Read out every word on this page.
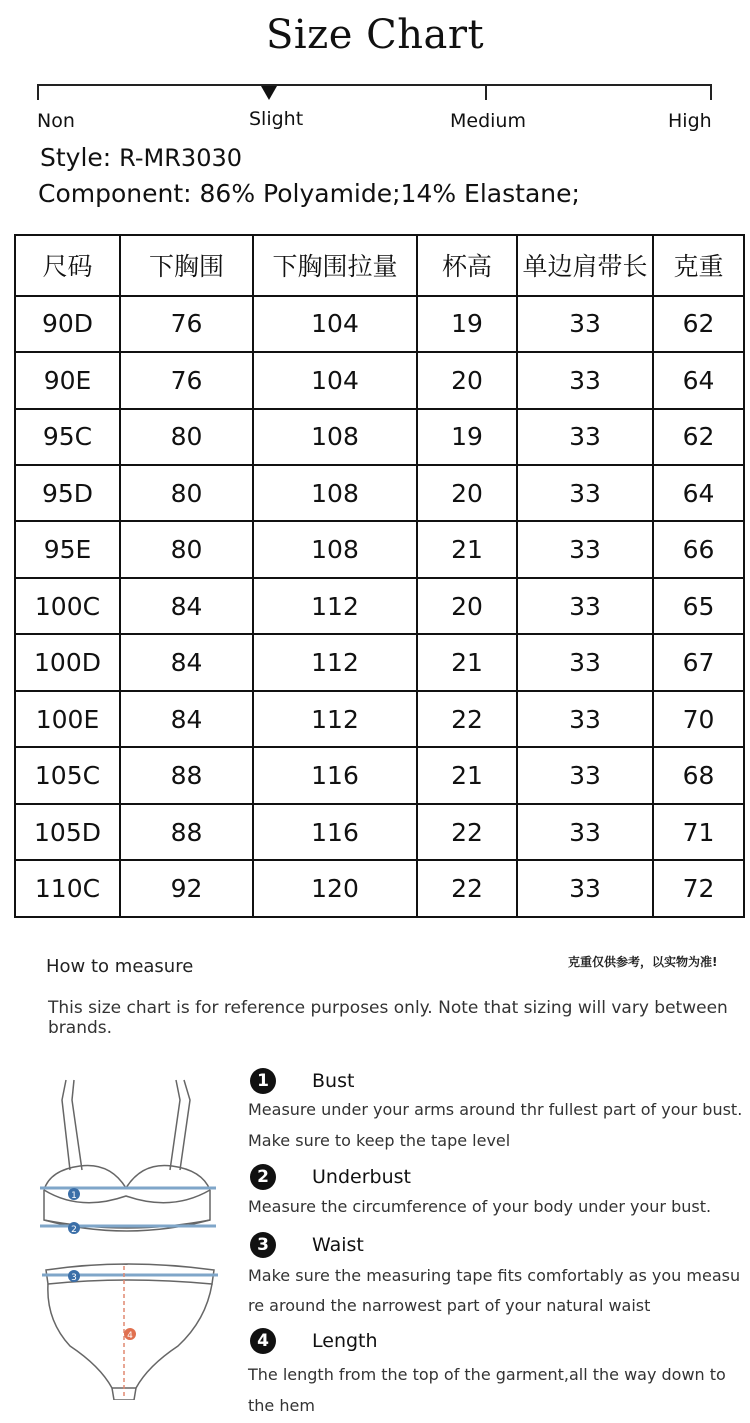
Size Chart
Non	Slight	Medium	High
Style: R-MR3030
Component: 86% Polyamide;14% Elastane;
尺码	下胸围	下胸围拉量	杯高	单边肩带长	克重
90D	76	104	19	33	62
90E	76	104	20	33	64
95C	80	108	19	33	62
95D	80	108	20	33	64
95E	80	108	21	33	66
100C	84	112	20	33	65
100D	84	112	21	33	67
100E	84	112	22	33	70
105C	88	116	21	33	68
105D	88	116	22	33	71
110C	92	120	22	33	72
How to measure	克重仅供参考，以实物为准!
This size chart is for reference purposes only. Note that sizing will vary between brands.
1
2
3
4
1	Bust
Measure under your arms around thr fullest part of your bust.
Make sure to keep the tape level
2	Underbust
Measure the circumference of your body under your bust.
3	Waist
Make sure the measuring tape fits comfortably as you measu
re around the narrowest part of your natural waist
4	Length
The length from the top of the garment,all the way down to
the hem
